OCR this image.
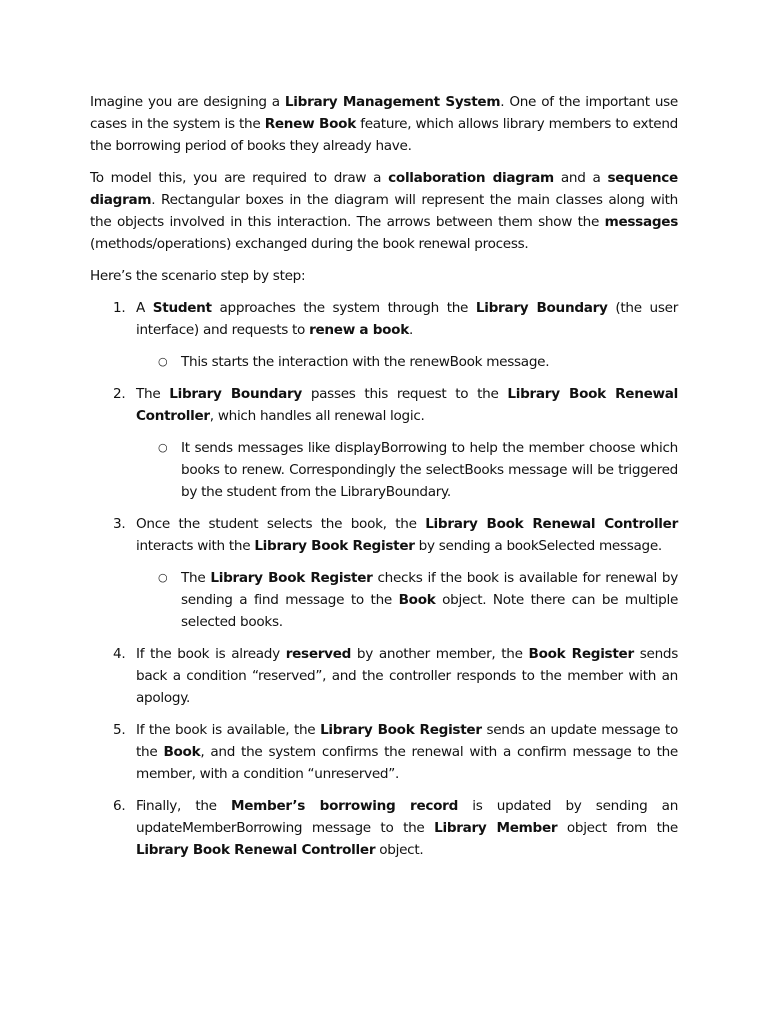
Imagine you are designing a Library Management System. One of the important use cases in the system is the Renew Book feature, which allows library members to extend the borrowing period of books they already have.

To model this, you are required to draw a collaboration diagram and a sequence diagram. Rectangular boxes in the diagram will represent the main classes along with the objects involved in this interaction. The arrows between them show the messages (methods/operations) exchanged during the book renewal process.

Here’s the scenario step by step:

1. A Student approaches the system through the Library Boundary (the user interface) and requests to renew a book.
○ This starts the interaction with the renewBook message.
2. The Library Boundary passes this request to the Library Book Renewal Controller, which handles all renewal logic.
○ It sends messages like displayBorrowing to help the member choose which books to renew. Correspondingly the selectBooks message will be triggered by the student from the LibraryBoundary.
3. Once the student selects the book, the Library Book Renewal Controller interacts with the Library Book Register by sending a bookSelected message.
○ The Library Book Register checks if the book is available for renewal by sending a find message to the Book object. Note there can be multiple selected books.
4. If the book is already reserved by another member, the Book Register sends back a condition “reserved”, and the controller responds to the member with an apology.
5. If the book is available, the Library Book Register sends an update message to the Book, and the system confirms the renewal with a confirm message to the member, with a condition “unreserved”.
6. Finally, the Member’s borrowing record is updated by sending an updateMemberBorrowing message to the Library Member object from the Library Book Renewal Controller object.
